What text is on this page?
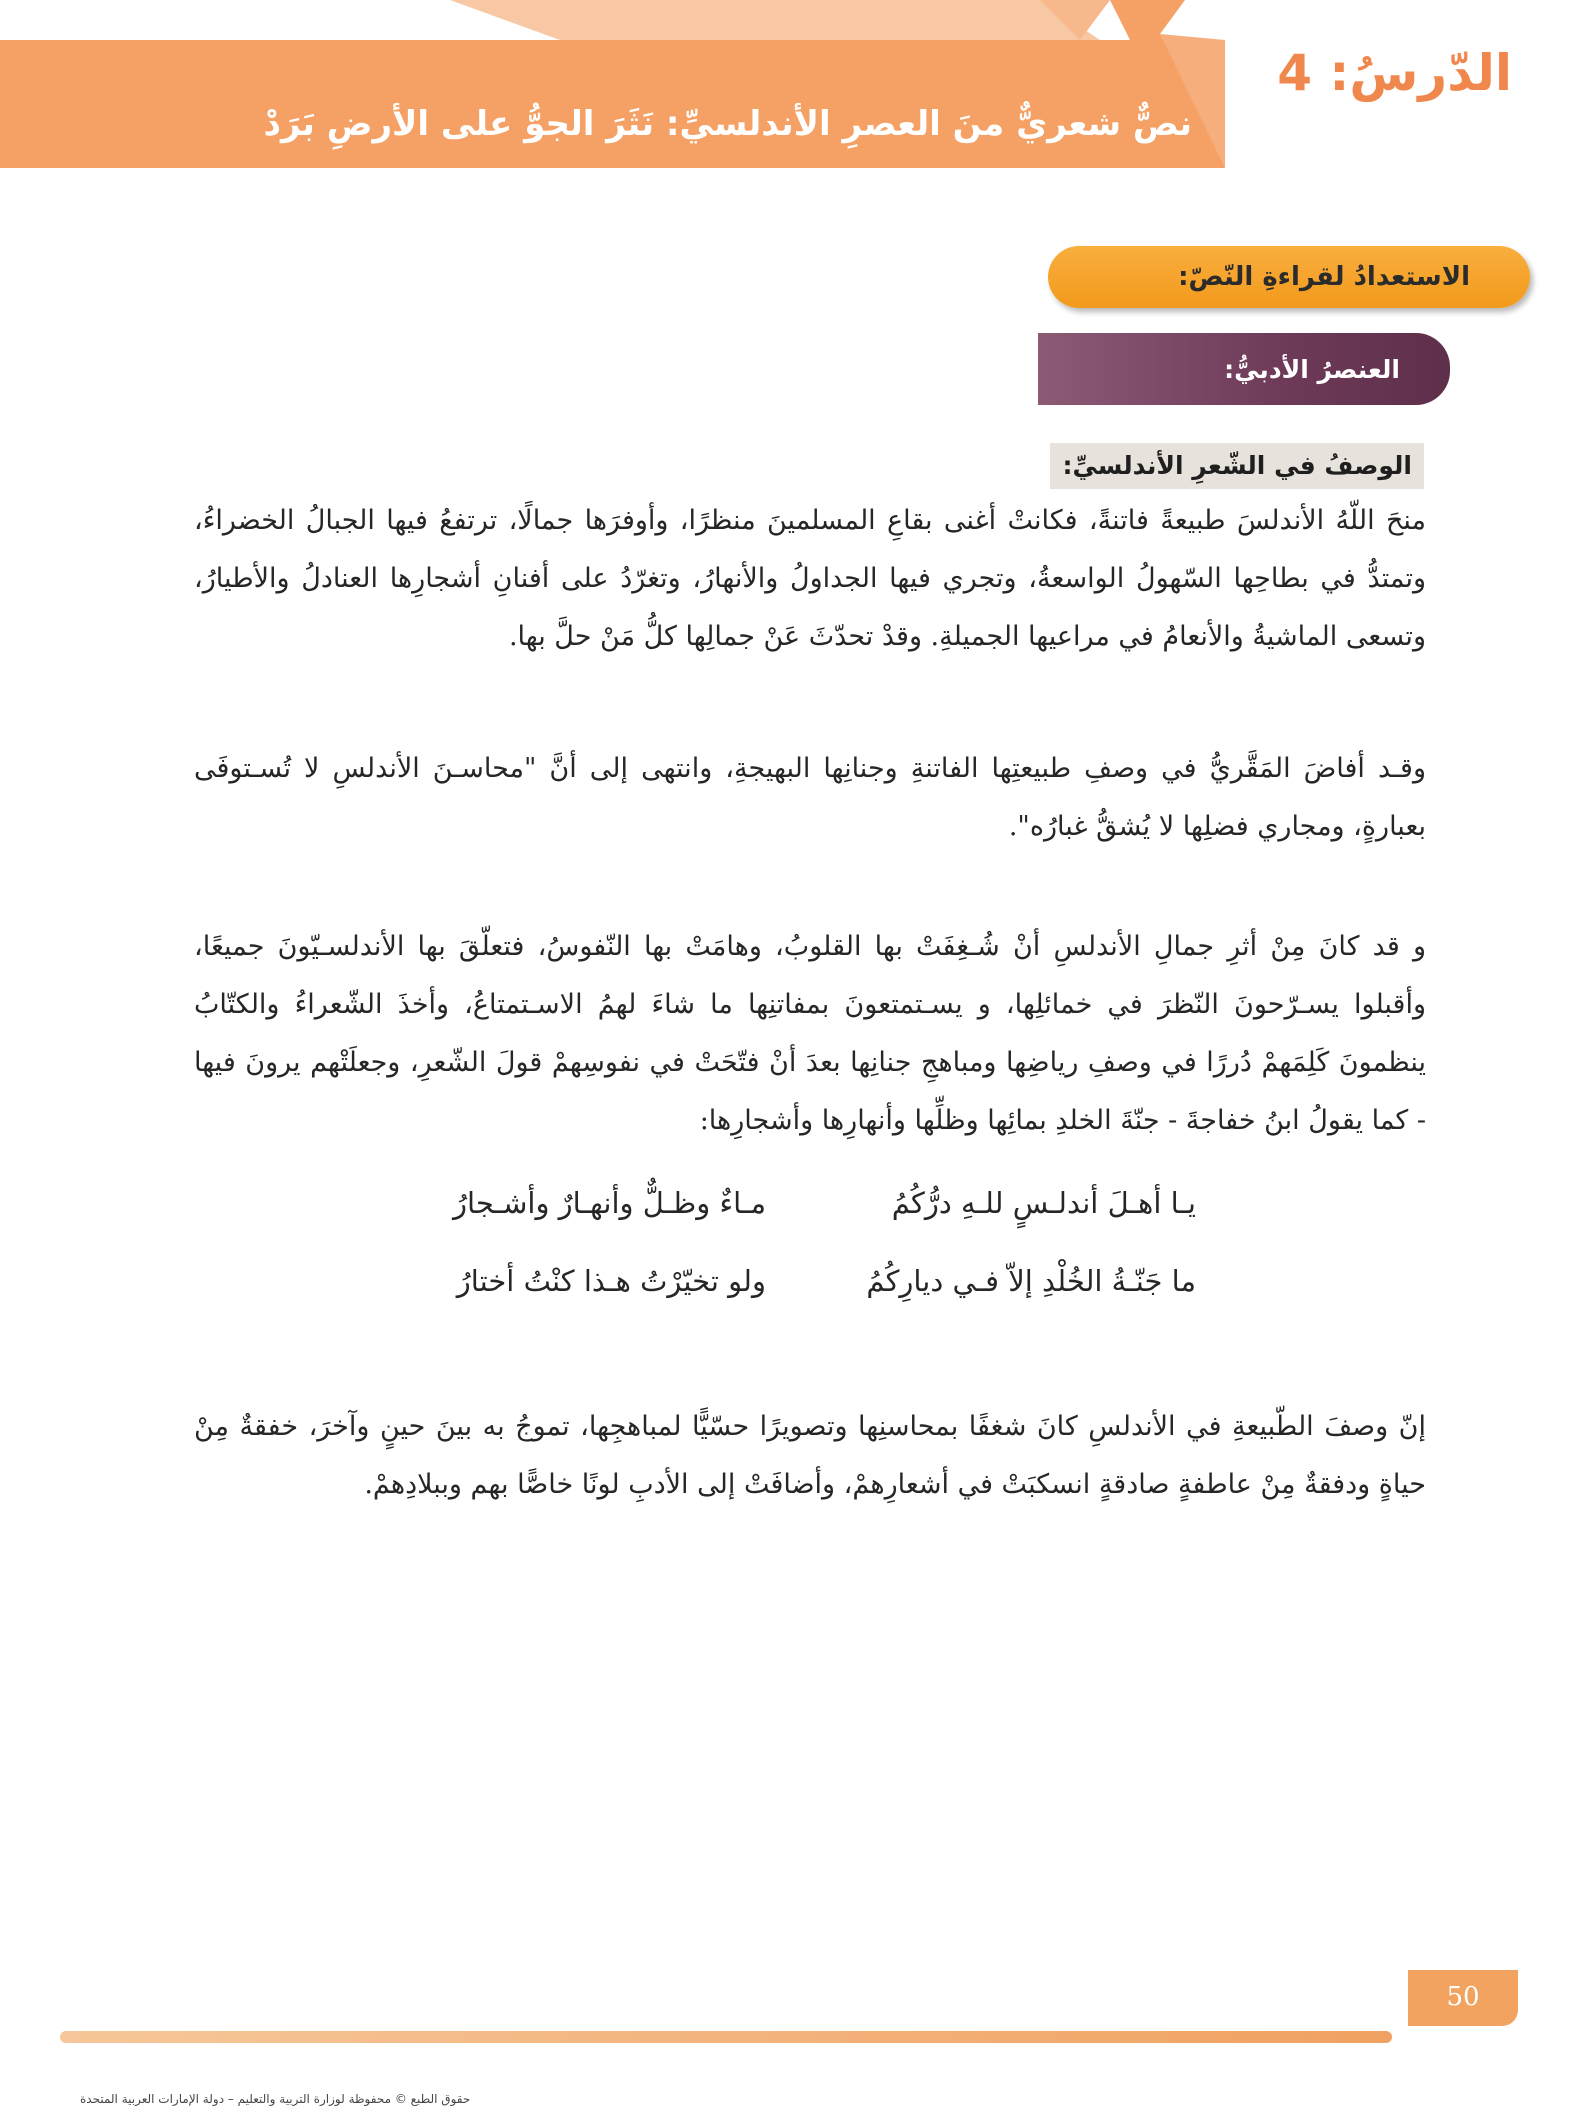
الدّرسُ: 4
نصٌّ شعريٌّ منَ العصرِ الأندلسيِّ: نَثَرَ الجوُّ على الأرضِ بَرَدْ
الاستعدادُ لقراءةِ النّصّ:
العنصرُ الأدبيُّ:
الوصفُ في الشّعرِ الأندلسيِّ:

منحَ اللّهُ الأندلسَ طبيعةً فاتنةً، فكانتْ أغنى بقاعِ المسلمينَ منظرًا، وأوفرَها جمالًا، ترتفعُ فيها الجبالُ الخضراءُ، وتمتدُّ في بطاحِها السّهولُ الواسعةُ، وتجري فيها الجداولُ والأنهارُ، وتغرّدُ على أفنانِ أشجارِها العنادلُ والأطيارُ، وتسعى الماشيةُ والأنعامُ في مراعيها الجميلةِ. وقدْ تحدّثَ عَنْ جمالِها كلُّ مَنْ حلَّ بها.

وقـد أفاضَ المَقَّريُّ في وصفِ طبيعتِها الفاتنةِ وجنانِها البهيجةِ، وانتهى إلى أنَّ "محاسـنَ الأندلسِ لا تُسـتوفَى بعبارةٍ، ومجاري فضلِها لا يُشقُّ غبارُه".

و قد كانَ مِنْ أثرِ جمالِ الأندلسِ أنْ شُـغِفَتْ بها القلوبُ، وهامَتْ بها النّفوسُ، فتعلّقَ بها الأندلسـيّونَ جميعًا، وأقبلوا يسـرّحونَ النّظرَ في خمائلِها، و يسـتمتعونَ بمفاتنِها ما شاءَ لهمُ الاسـتمتاعُ، وأخذَ الشّعراءُ والكتّابُ ينظمونَ كَلِمَهمْ دُررًا في وصفِ رياضِها ومباهجِ جنانِها بعدَ أنْ فتّحَتْ في نفوسِهمْ قولَ الشّعرِ، وجعلَتْهم يرونَ فيها - كما يقولُ ابنُ خفاجةَ - جنّةَ الخلدِ بمائِها وظلِّها وأنهارِها وأشجارِها:

يـا أهـلَ أندلـسٍ للـهِ درُّكُمُ
مـاءٌ وظـلٌّ وأنهـارٌ وأشـجارُ
ما جَنّـةُ الخُلْدِ إلاّ فـي ديارِكُمُ
ولو تخيّرْتُ هـذا كنْتُ أختارُ

إنّ وصفَ الطّبيعةِ في الأندلسِ كانَ شغفًا بمحاسنِها وتصويرًا حسّيًّا لمباهجِها، تموجُ به بينَ حينٍ وآخرَ، خفقةٌ مِنْ حياةٍ ودفقةٌ مِنْ عاطفةٍ صادقةٍ انسكبَتْ في أشعارِهمْ، وأضافَتْ إلى الأدبِ لونًا خاصًّا بهم وببلادِهمْ.

50
حقوق الطبع © محفوظة لوزارة التربية والتعليم – دولة الإمارات العربية المتحدة
